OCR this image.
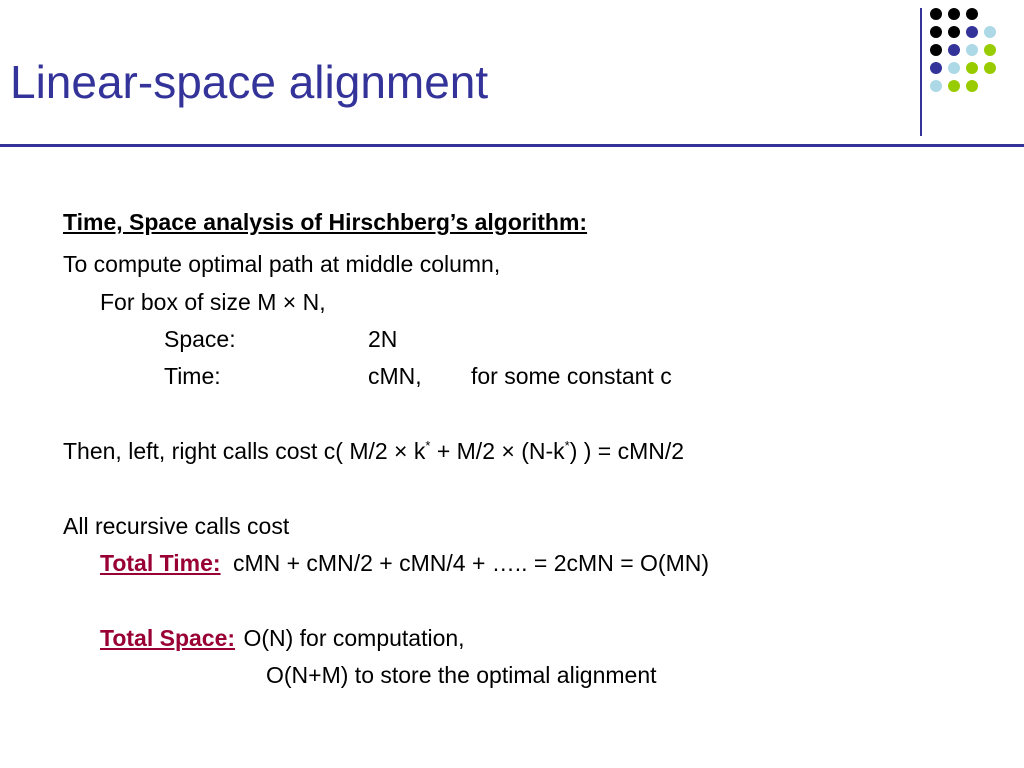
Linear-space alignment
Time, Space analysis of Hirschberg’s algorithm:
To compute optimal path at middle column,
For box of size M × N,
Space:	2N
Time:	cMN, for some constant c
Then, left, right calls cost c( M/2 × k* + M/2 × (N-k*) ) = cMN/2
All recursive calls cost
Total Time: cMN + cMN/2 + cMN/4 + ….. = 2cMN = O(MN)
Total Space: O(N) for computation,
O(N+M) to store the optimal alignment
